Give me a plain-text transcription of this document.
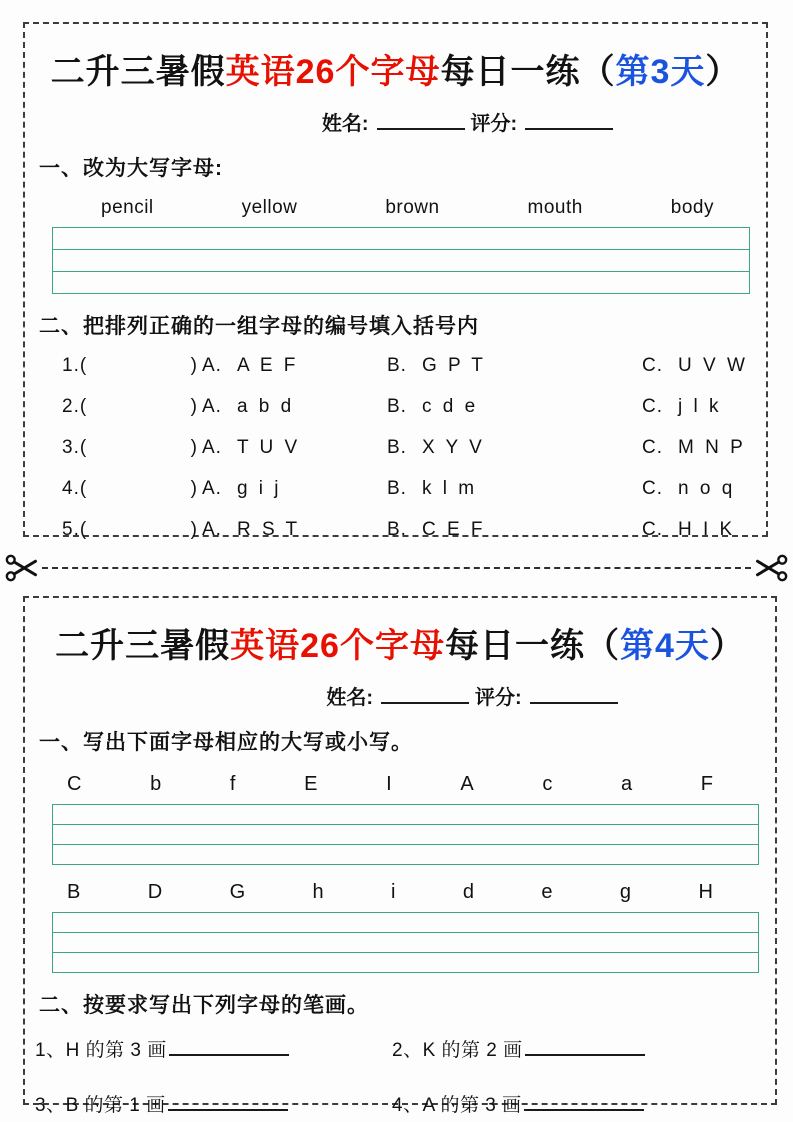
二升三暑假英语26个字母每日一练（第3天）
姓名:	评分:
一、改为大写字母:
pencil	yellow	brown	mouth	body
二、把排列正确的一组字母的编号填入括号内
1. (	) A. A E F	B. G P T	C. U V W
2. (	) A. a b d	B. c d e	C. j l k
3. (	) A. T U V	B. X Y V	C. M N P
4. (	) A. g i j	B. k l m	C. n o q
5. (	) A. R S T	B. C E F	C. H I K
二升三暑假英语26个字母每日一练（第4天）
姓名:	评分:
一、写出下面字母相应的大写或小写。
C	b	f	E	I	A	c	a	F
B	D	G	h	i	d	e	g	H
二、按要求写出下列字母的笔画。
1、H 的第 3 画	2、K 的第 2 画
3、B 的第 1 画	4、A 的第 3 画
